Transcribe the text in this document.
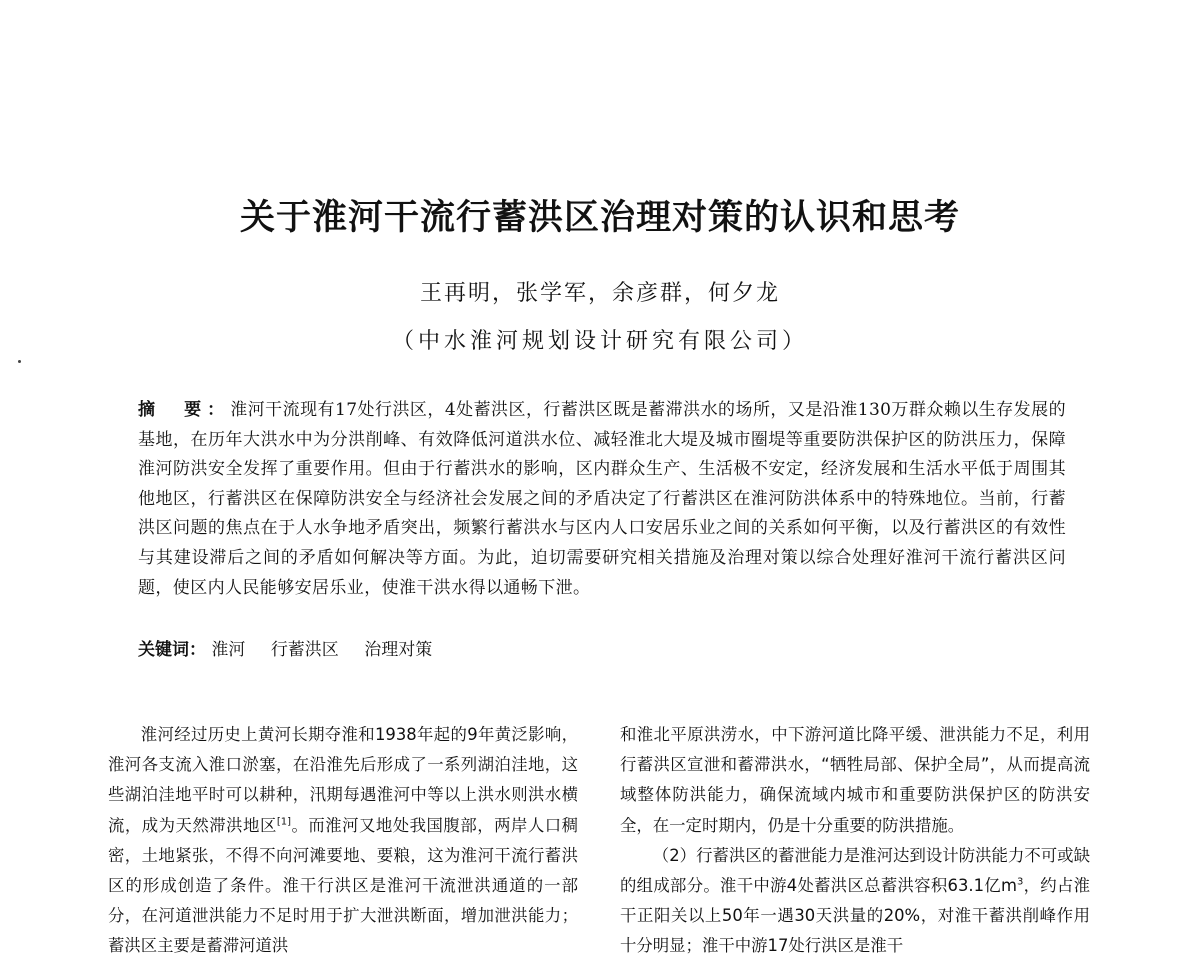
关于淮河干流行蓄洪区治理对策的认识和思考
王再明，张学军，余彦群，何夕龙
（中水淮河规划设计研究有限公司）
摘　要：淮河干流现有17处行洪区，4处蓄洪区，行蓄洪区既是蓄滞洪水的场所，又是沿淮130万群众赖以生存发展的基地，在历年大洪水中为分洪削峰、有效降低河道洪水位、减轻淮北大堤及城市圈堤等重要防洪保护区的防洪压力，保障淮河防洪安全发挥了重要作用。但由于行蓄洪水的影响，区内群众生产、生活极不安定，经济发展和生活水平低于周围其他地区，行蓄洪区在保障防洪安全与经济社会发展之间的矛盾决定了行蓄洪区在淮河防洪体系中的特殊地位。当前，行蓄洪区问题的焦点在于人水争地矛盾突出，频繁行蓄洪水与区内人口安居乐业之间的关系如何平衡，以及行蓄洪区的有效性与其建设滞后之间的矛盾如何解决等方面。为此，迫切需要研究相关措施及治理对策以综合处理好淮河干流行蓄洪区问题，使区内人民能够安居乐业，使淮干洪水得以通畅下泄。
关键词： 淮河 行蓄洪区 治理对策

淮河经过历史上黄河长期夺淮和1938年起的9年黄泛影响，淮河各支流入淮口淤塞，在沿淮先后形成了一系列湖泊洼地，这些湖泊洼地平时可以耕种，汛期每遇淮河中等以上洪水则洪水横流，成为天然滞洪地区[1]。而淮河又地处我国腹部，两岸人口稠密，土地紧张，不得不向河滩要地、要粮，这为淮河干流行蓄洪区的形成创造了条件。淮干行洪区是淮河干流泄洪通道的一部分，在河道泄洪能力不足时用于扩大泄洪断面，增加泄洪能力；蓄洪区主要是蓄滞河道洪

和淮北平原洪涝水，中下游河道比降平缓、泄洪能力不足，利用行蓄洪区宣泄和蓄滞洪水，“牺牲局部、保护全局”，从而提高流域整体防洪能力，确保流域内城市和重要防洪保护区的防洪安全，在一定时期内，仍是十分重要的防洪措施。

（2）行蓄洪区的蓄泄能力是淮河达到设计防洪能力不可或缺的组成部分。淮干中游4处蓄洪区总蓄洪容积63.1亿$m^3$，约占淮干正阳关以上50年一遇30天洪量的20%，对淮干蓄洪削峰作用十分明显；淮干中游17处行洪区是淮干
